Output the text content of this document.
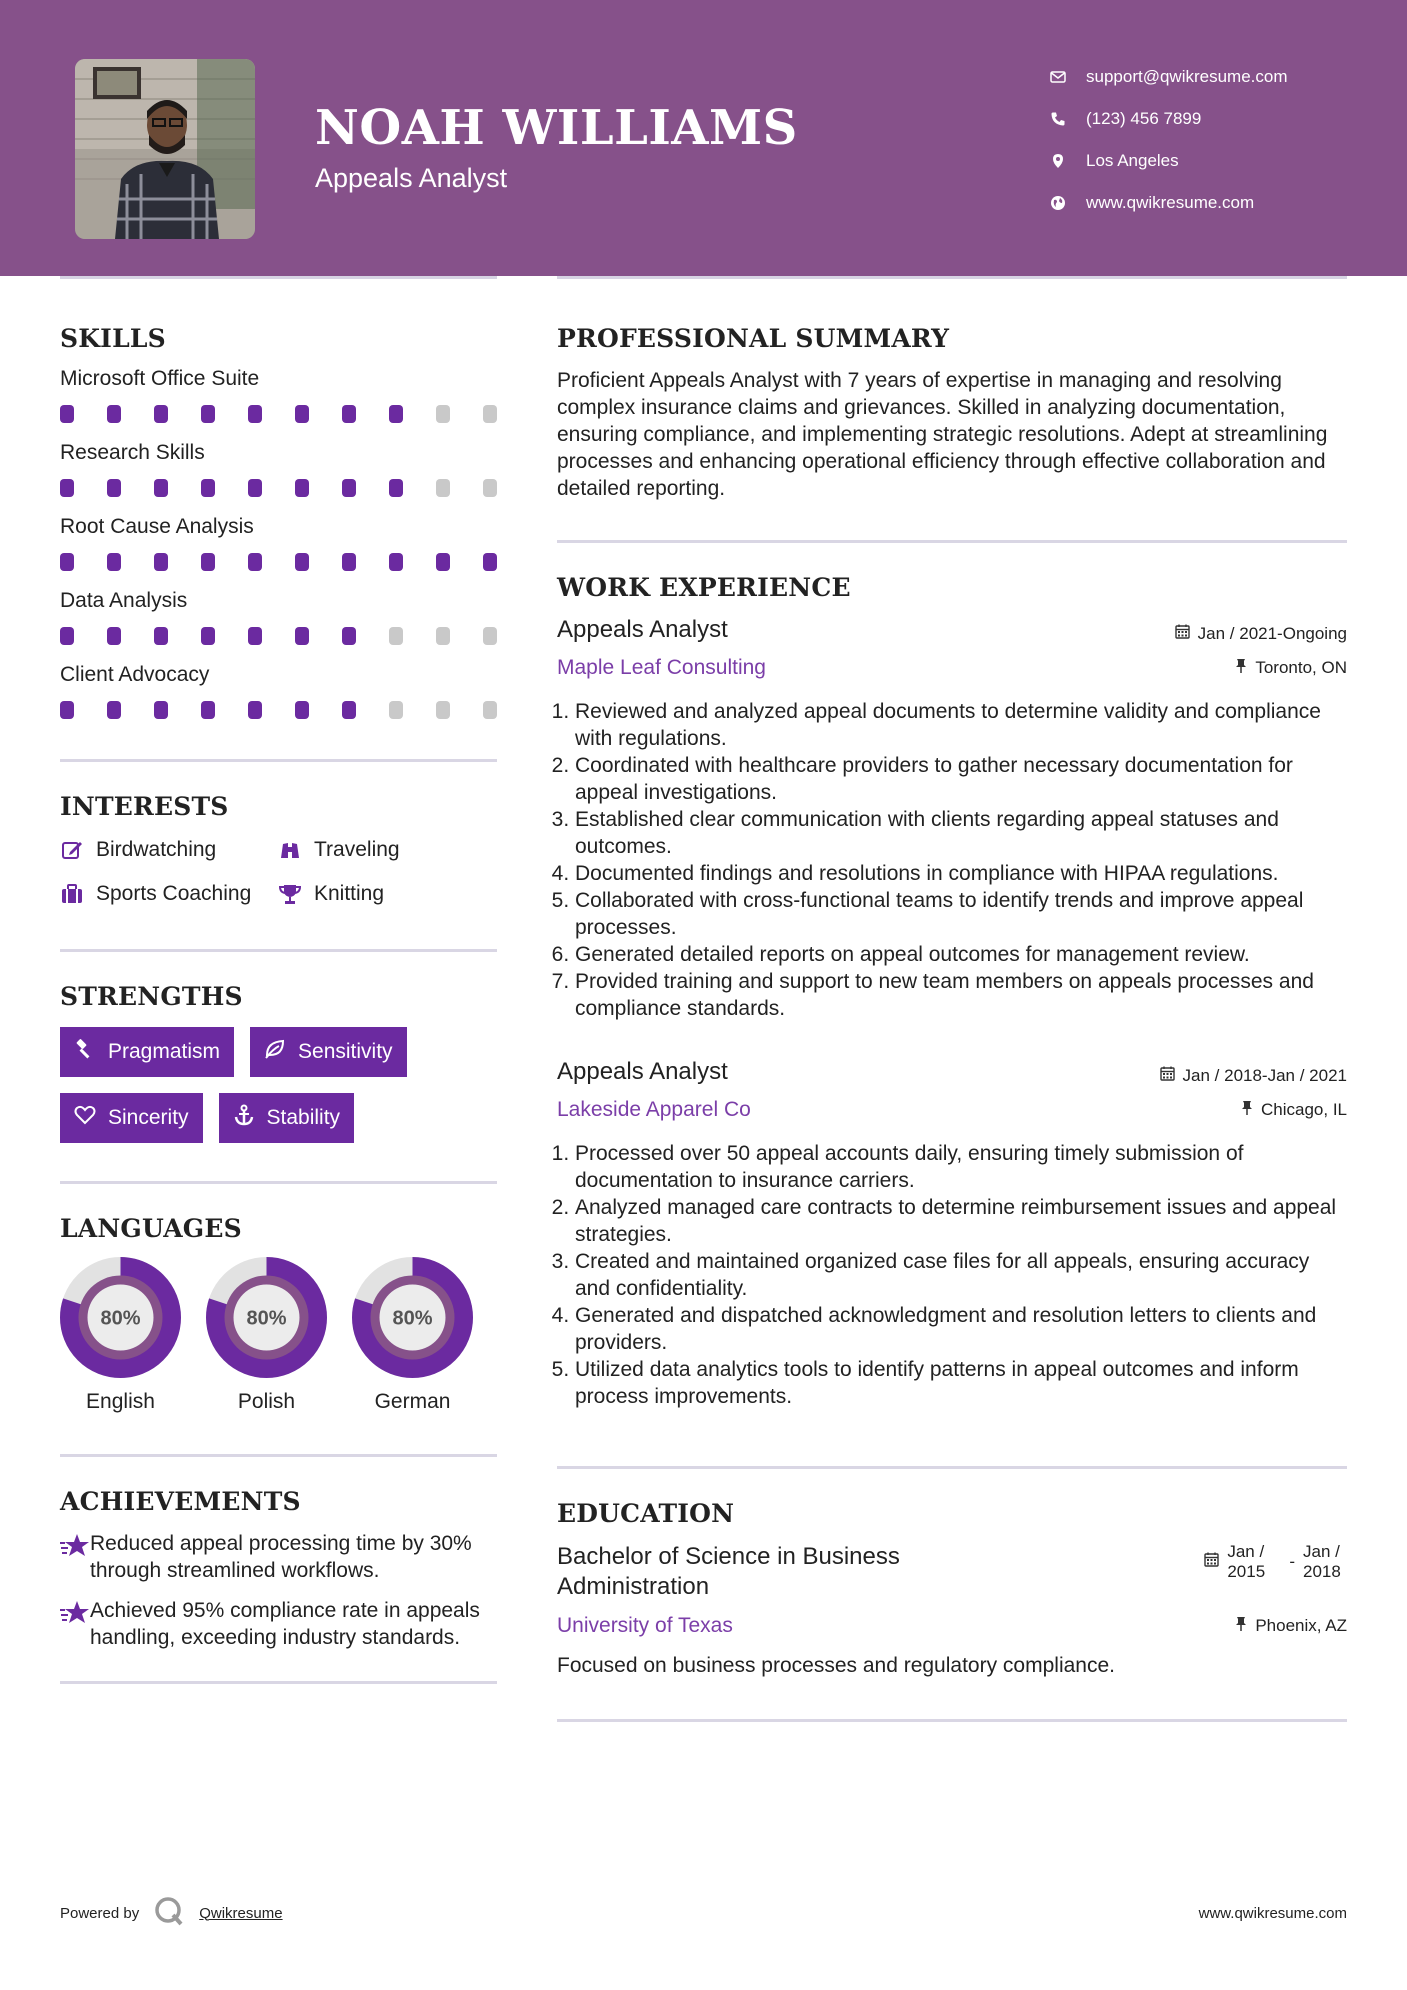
NOAH WILLIAMS
Appeals Analyst
support@qwikresume.com
(123) 456 7899
Los Angeles
www.qwikresume.com
SKILLS
Microsoft Office Suite
Research Skills
Root Cause Analysis
Data Analysis
Client Advocacy
INTERESTS
Birdwatching	Traveling
Sports Coaching	Knitting
STRENGTHS
Pragmatism	Sensitivity
Sincerity	Stability
LANGUAGES
80%
English
80%
Polish
80%
German
ACHIEVEMENTS
Reduced appeal processing time by 30% through streamlined workflows.
Achieved 95% compliance rate in appeals handling, exceeding industry standards.
PROFESSIONAL SUMMARY

Proficient Appeals Analyst with 7 years of expertise in managing and resolving complex insurance claims and grievances. Skilled in analyzing documentation, ensuring compliance, and implementing strategic resolutions. Adept at streamlining processes and enhancing operational efficiency through effective collaboration and detailed reporting.

WORK EXPERIENCE
Appeals Analyst	Jan / 2021-Ongoing
Maple Leaf Consulting	Toronto, ON
1. Reviewed and analyzed appeal documents to determine validity and compliance with regulations.
2. Coordinated with healthcare providers to gather necessary documentation for appeal investigations.
3. Established clear communication with clients regarding appeal statuses and outcomes.
4. Documented findings and resolutions in compliance with HIPAA regulations.
5. Collaborated with cross-functional teams to identify trends and improve appeal processes.
6. Generated detailed reports on appeal outcomes for management review.
7. Provided training and support to new team members on appeals processes and compliance standards.
Appeals Analyst	Jan / 2018-Jan / 2021
Lakeside Apparel Co	Chicago, IL
1. Processed over 50 appeal accounts daily, ensuring timely submission of documentation to insurance carriers.
2. Analyzed managed care contracts to determine reimbursement issues and appeal strategies.
3. Created and maintained organized case files for all appeals, ensuring accuracy and confidentiality.
4. Generated and dispatched acknowledgment and resolution letters to clients and providers.
5. Utilized data analytics tools to identify patterns in appeal outcomes and inform process improvements.
EDUCATION
Bachelor of Science in Business Administration
Jan / 2015
-
Jan / 2018
University of Texas	Phoenix, AZ

Focused on business processes and regulatory compliance.

Powered by	Qwikresume	www.qwikresume.com
